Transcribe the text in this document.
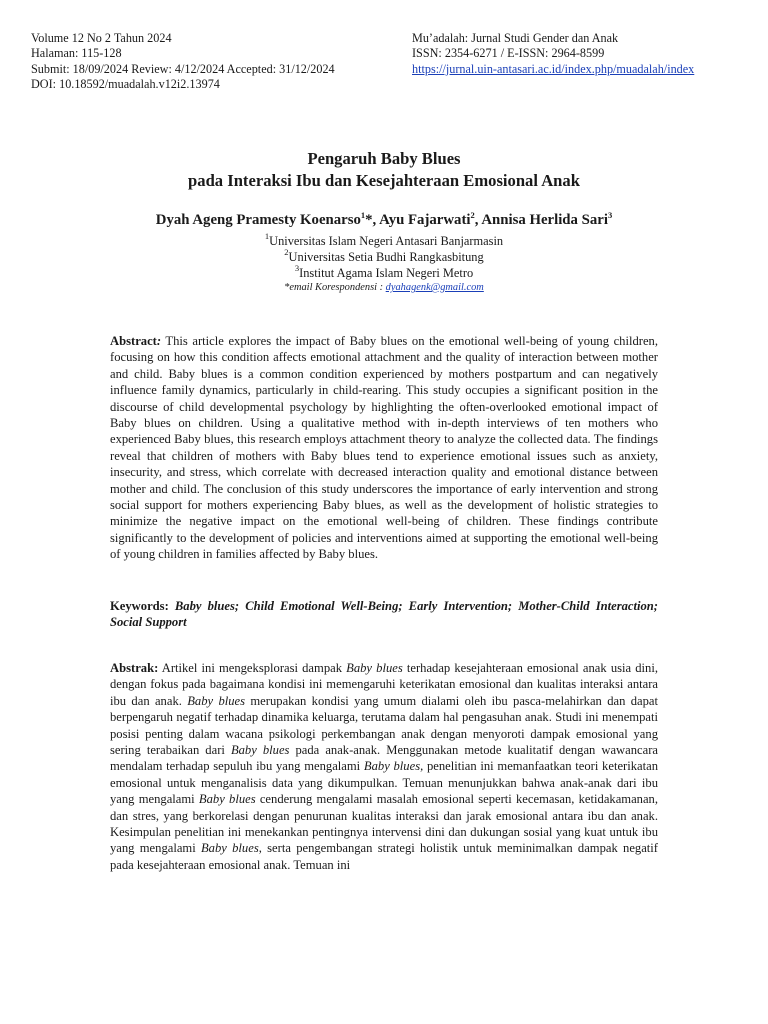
Volume 12 No 2 Tahun 2024
Halaman: 115-128
Submit: 18/09/2024 Review: 4/12/2024 Accepted: 31/12/2024
DOI: 10.18592/muadalah.v12i2.13974
Mu’adalah: Jurnal Studi Gender dan Anak
ISSN: 2354-6271 / E-ISSN: 2964-8599
https://jurnal.uin-antasari.ac.id/index.php/muadalah/index
Pengaruh Baby Blues
pada Interaksi Ibu dan Kesejahteraan Emosional Anak
Dyah Ageng Pramesty Koenarso$^1$*, Ayu Fajarwati$^2$, Annisa Herlida Sari$^3$
$^1$Universitas Islam Negeri Antasari Banjarmasin
$^2$Universitas Setia Budhi Rangkasbitung
$^3$Institut Agama Islam Negeri Metro
*email Korespondensi : dyahagenk@gmail.com
Abstract: This article explores the impact of Baby blues on the emotional well-being of young children, focusing on how this condition affects emotional attachment and the quality of interaction between mother and child. Baby blues is a common condition experienced by mothers postpartum and can negatively influence family dynamics, particularly in child-rearing. This study occupies a significant position in the discourse of child developmental psychology by highlighting the often-overlooked emotional impact of Baby blues on children. Using a qualitative method with in-depth interviews of ten mothers who experienced Baby blues, this research employs attachment theory to analyze the collected data. The findings reveal that children of mothers with Baby blues tend to experience emotional issues such as anxiety, insecurity, and stress, which correlate with decreased interaction quality and emotional distance between mother and child. The conclusion of this study underscores the importance of early intervention and strong social support for mothers experiencing Baby blues, as well as the development of holistic strategies to minimize the negative impact on the emotional well-being of children. These findings contribute significantly to the development of policies and interventions aimed at supporting the emotional well-being of young children in families affected by Baby blues.
Keywords: Baby blues; Child Emotional Well-Being; Early Intervention; Mother-Child Interaction; Social Support
Abstrak: Artikel ini mengeksplorasi dampak Baby blues terhadap kesejahteraan emosional anak usia dini, dengan fokus pada bagaimana kondisi ini memengaruhi keterikatan emosional dan kualitas interaksi antara ibu dan anak. Baby blues merupakan kondisi yang umum dialami oleh ibu pasca-melahirkan dan dapat berpengaruh negatif terhadap dinamika keluarga, terutama dalam hal pengasuhan anak. Studi ini menempati posisi penting dalam wacana psikologi perkembangan anak dengan menyoroti dampak emosional yang sering terabaikan dari Baby blues pada anak-anak. Menggunakan metode kualitatif dengan wawancara mendalam terhadap sepuluh ibu yang mengalami Baby blues, penelitian ini memanfaatkan teori keterikatan emosional untuk menganalisis data yang dikumpulkan. Temuan menunjukkan bahwa anak-anak dari ibu yang mengalami Baby blues cenderung mengalami masalah emosional seperti kecemasan, ketidakamanan, dan stres, yang berkorelasi dengan penurunan kualitas interaksi dan jarak emosional antara ibu dan anak. Kesimpulan penelitian ini menekankan pentingnya intervensi dini dan dukungan sosial yang kuat untuk ibu yang mengalami Baby blues, serta pengembangan strategi holistik untuk meminimalkan dampak negatif pada kesejahteraan emosional anak. Temuan ini
